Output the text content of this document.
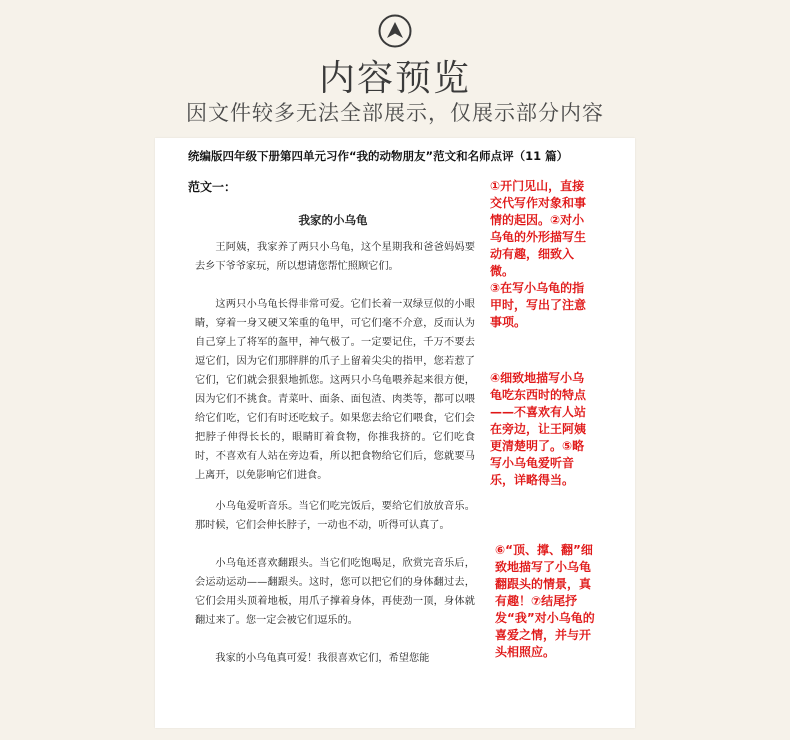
内容预览
因文件较多无法全部展示，仅展示部分内容
统编版四年级下册第四单元习作“我的动物朋友”范文和名师点评（11 篇）
范文一：
我家的小乌龟

王阿姨，我家养了两只小乌龟，这个星期我和爸爸妈妈要去乡下爷爷家玩，所以想请您帮忙照顾它们。

这两只小乌龟长得非常可爱。它们长着一双绿豆似的小眼睛，穿着一身又硬又笨重的龟甲，可它们毫不介意，反而认为自己穿上了将军的盔甲，神气极了。一定要记住，千万不要去逗它们，因为它们那胖胖的爪子上留着尖尖的指甲，您若惹了它们，它们就会狠狠地抓您。这两只小乌龟喂养起来很方便，因为它们不挑食。青菜叶、面条、面包渣、肉类等，都可以喂给它们吃，它们有时还吃蚊子。如果您去给它们喂食，它们会把脖子伸得长长的，眼睛盯着食物，你推我挤的。它们吃食时，不喜欢有人站在旁边看，所以把食物给它们后，您就要马上离开，以免影响它们进食。

小乌龟爱听音乐。当它们吃完饭后，要给它们放放音乐。那时候，它们会伸长脖子，一动也不动，听得可认真了。

小乌龟还喜欢翻跟头。当它们吃饱喝足，欣赏完音乐后，会运动运动——翻跟头。这时，您可以把它们的身体翻过去，它们会用头顶着地板，用爪子撑着身体，再使劲一顶，身体就翻过来了。您一定会被它们逗乐的。

我家的小乌龟真可爱！我很喜欢它们，希望您能

①开门见山，直接交代写作对象和事情的起因。②对小乌龟的外形描写生动有趣，细致入微。
③在写小乌龟的指甲时，写出了注意事项。
④细致地描写小乌龟吃东西时的特点——不喜欢有人站在旁边，让王阿姨更清楚明了。⑤略写小乌龟爱听音乐，详略得当。
⑥“顶、撑、翻”细致地描写了小乌龟翻跟头的情景，真有趣！⑦结尾抒发“我”对小乌龟的喜爱之情，并与开头相照应。
